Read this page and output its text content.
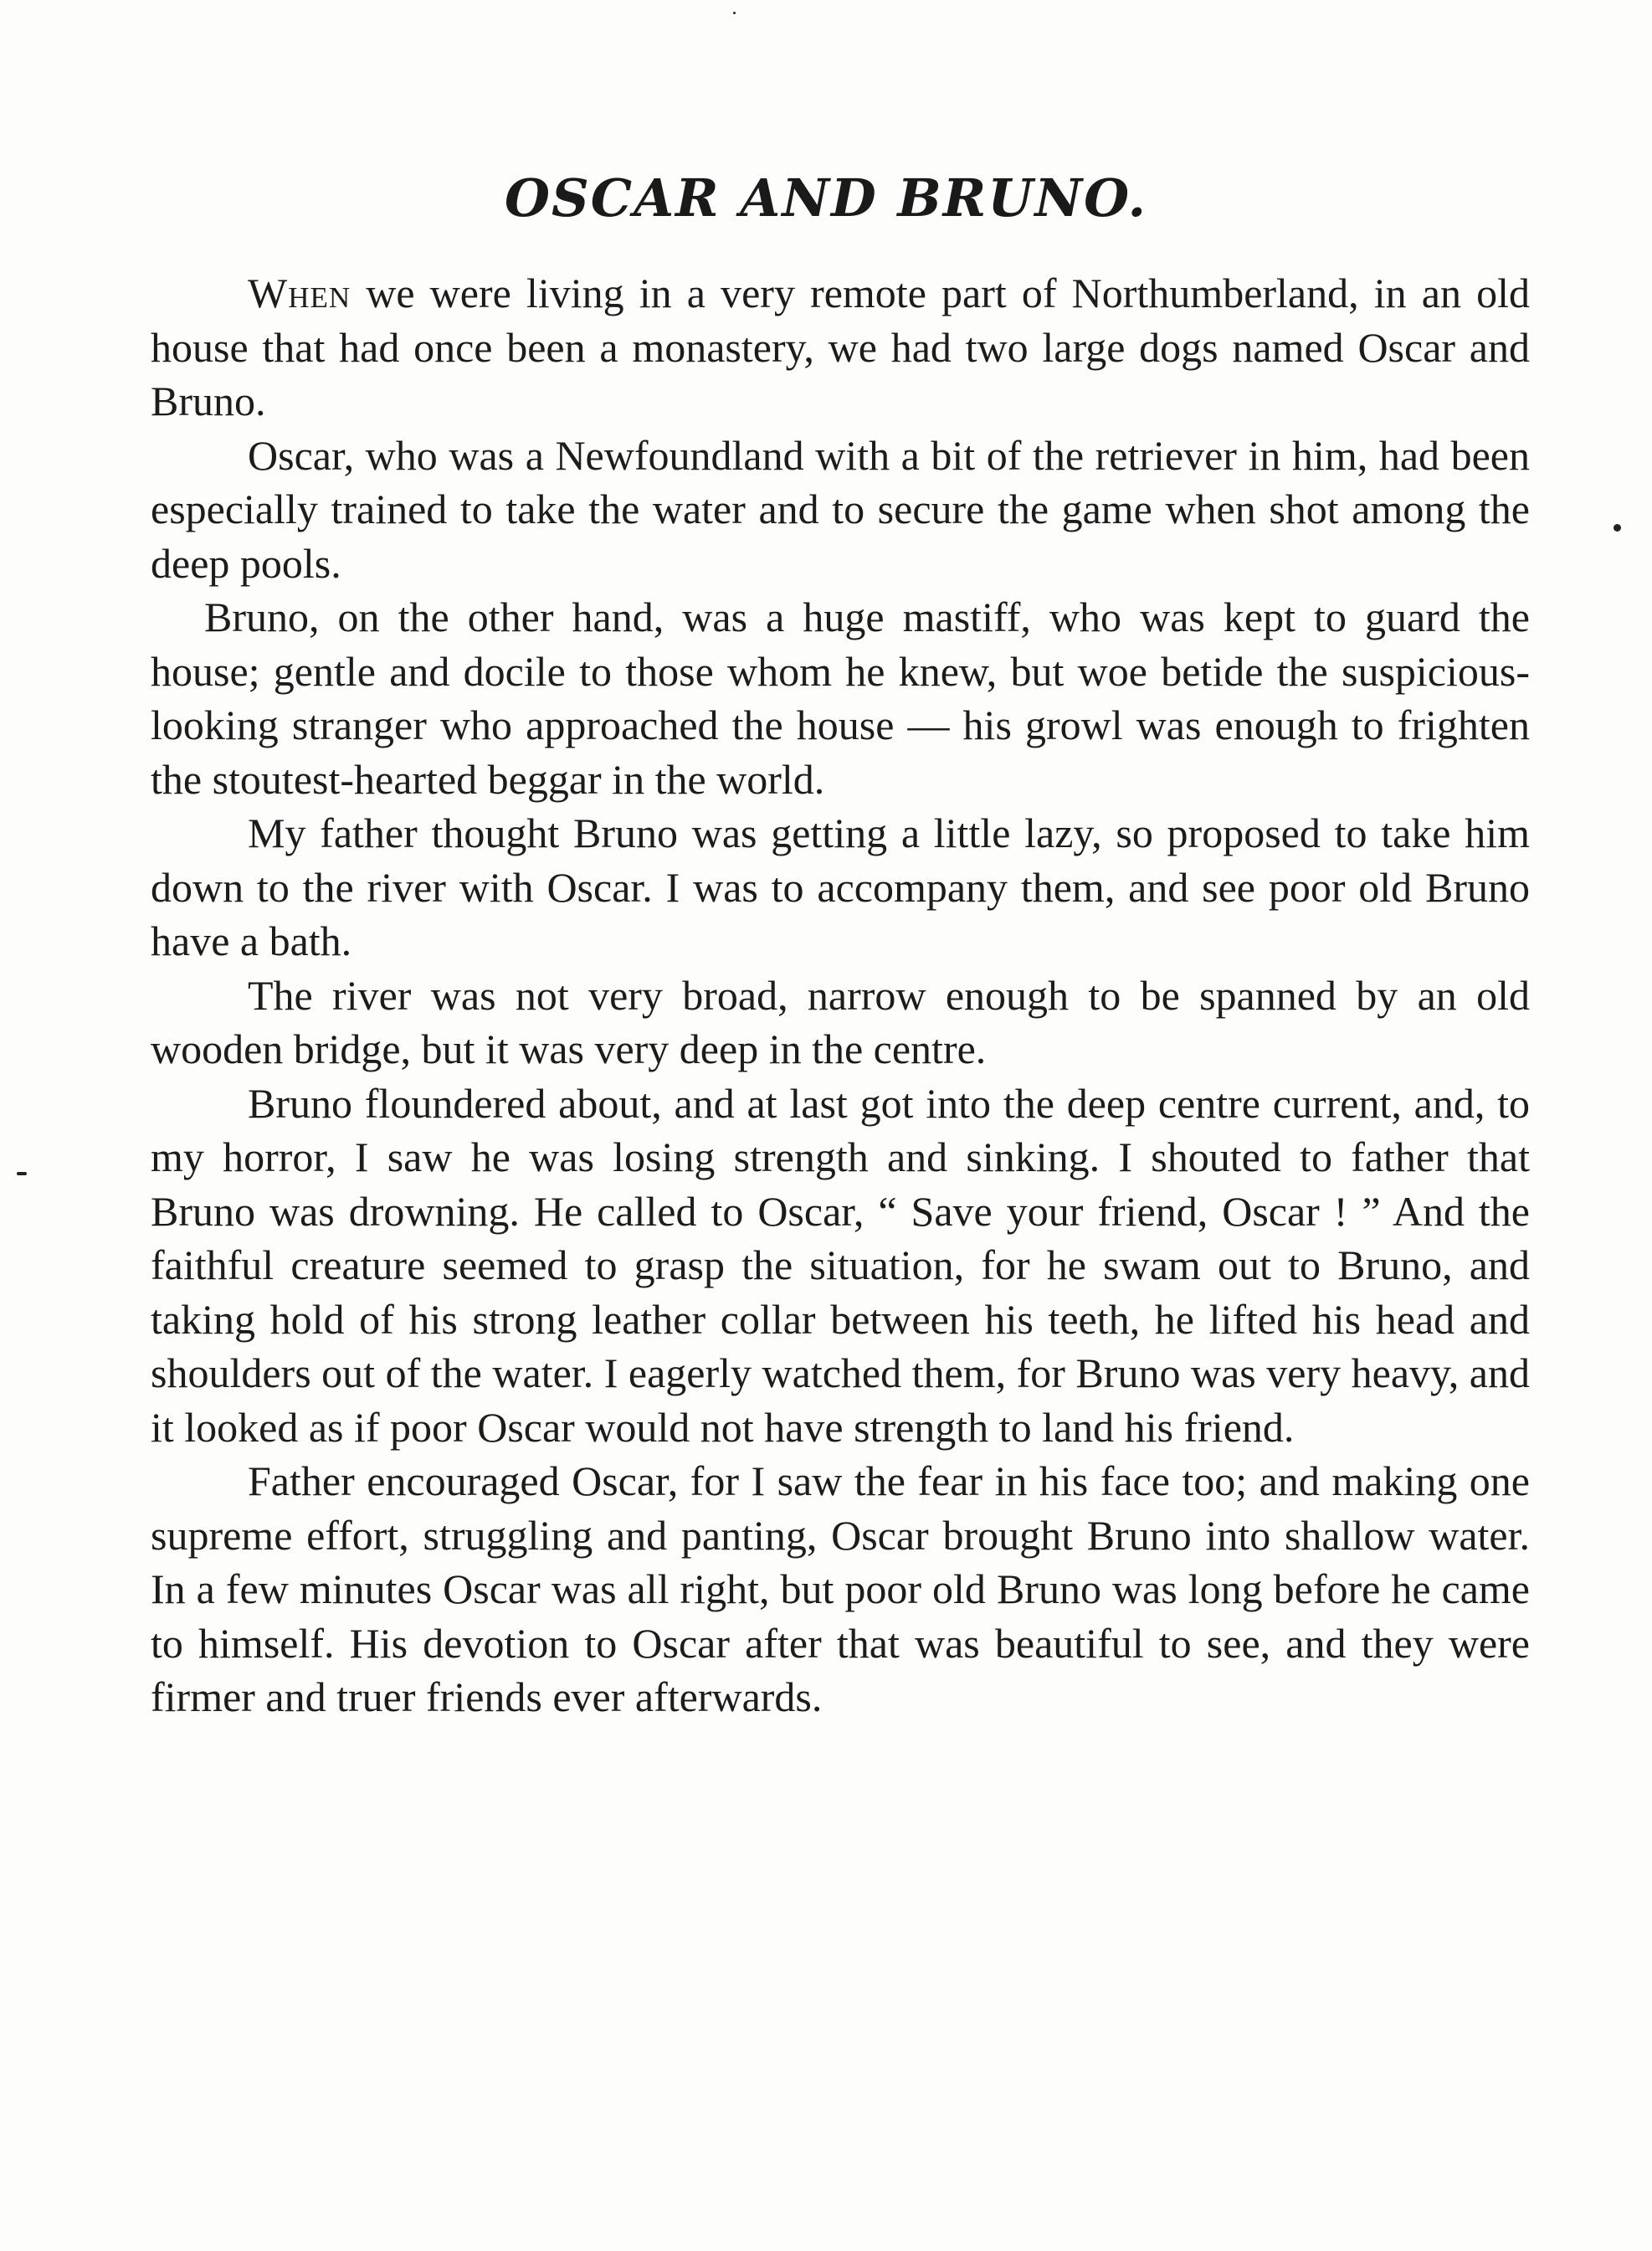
OSCAR AND BRUNO.

When we were living in a very remote part of Northumberland, in an old house that had once been a monastery, we had two large dogs named Oscar and Bruno.

Oscar, who was a Newfoundland with a bit of the retriever in him, had been especially trained to take the water and to secure the game when shot among the deep pools.

Bruno, on the other hand, was a huge mastiff, who was kept to guard the house; gentle and docile to those whom he knew, but woe betide the suspicious-looking stranger who approached the house — his growl was enough to frighten the stoutest-hearted beggar in the world.

My father thought Bruno was getting a little lazy, so proposed to take him down to the river with Oscar. I was to accompany them, and see poor old Bruno have a bath.

The river was not very broad, narrow enough to be spanned by an old wooden bridge, but it was very deep in the centre.

Bruno floundered about, and at last got into the deep centre current, and, to my horror, I saw he was losing strength and sinking. I shouted to father that Bruno was drowning. He called to Oscar, “ Save your friend, Oscar ! ” And the faithful creature seemed to grasp the situation, for he swam out to Bruno, and taking hold of his strong leather collar between his teeth, he lifted his head and shoulders out of the water. I eagerly watched them, for Bruno was very heavy, and it looked as if poor Oscar would not have strength to land his friend.

Father encouraged Oscar, for I saw the fear in his face too; and making one supreme effort, struggling and panting, Oscar brought Bruno into shallow water. In a few minutes Oscar was all right, but poor old Bruno was long before he came to himself. His devotion to Oscar after that was beautiful to see, and they were firmer and truer friends ever afterwards.
